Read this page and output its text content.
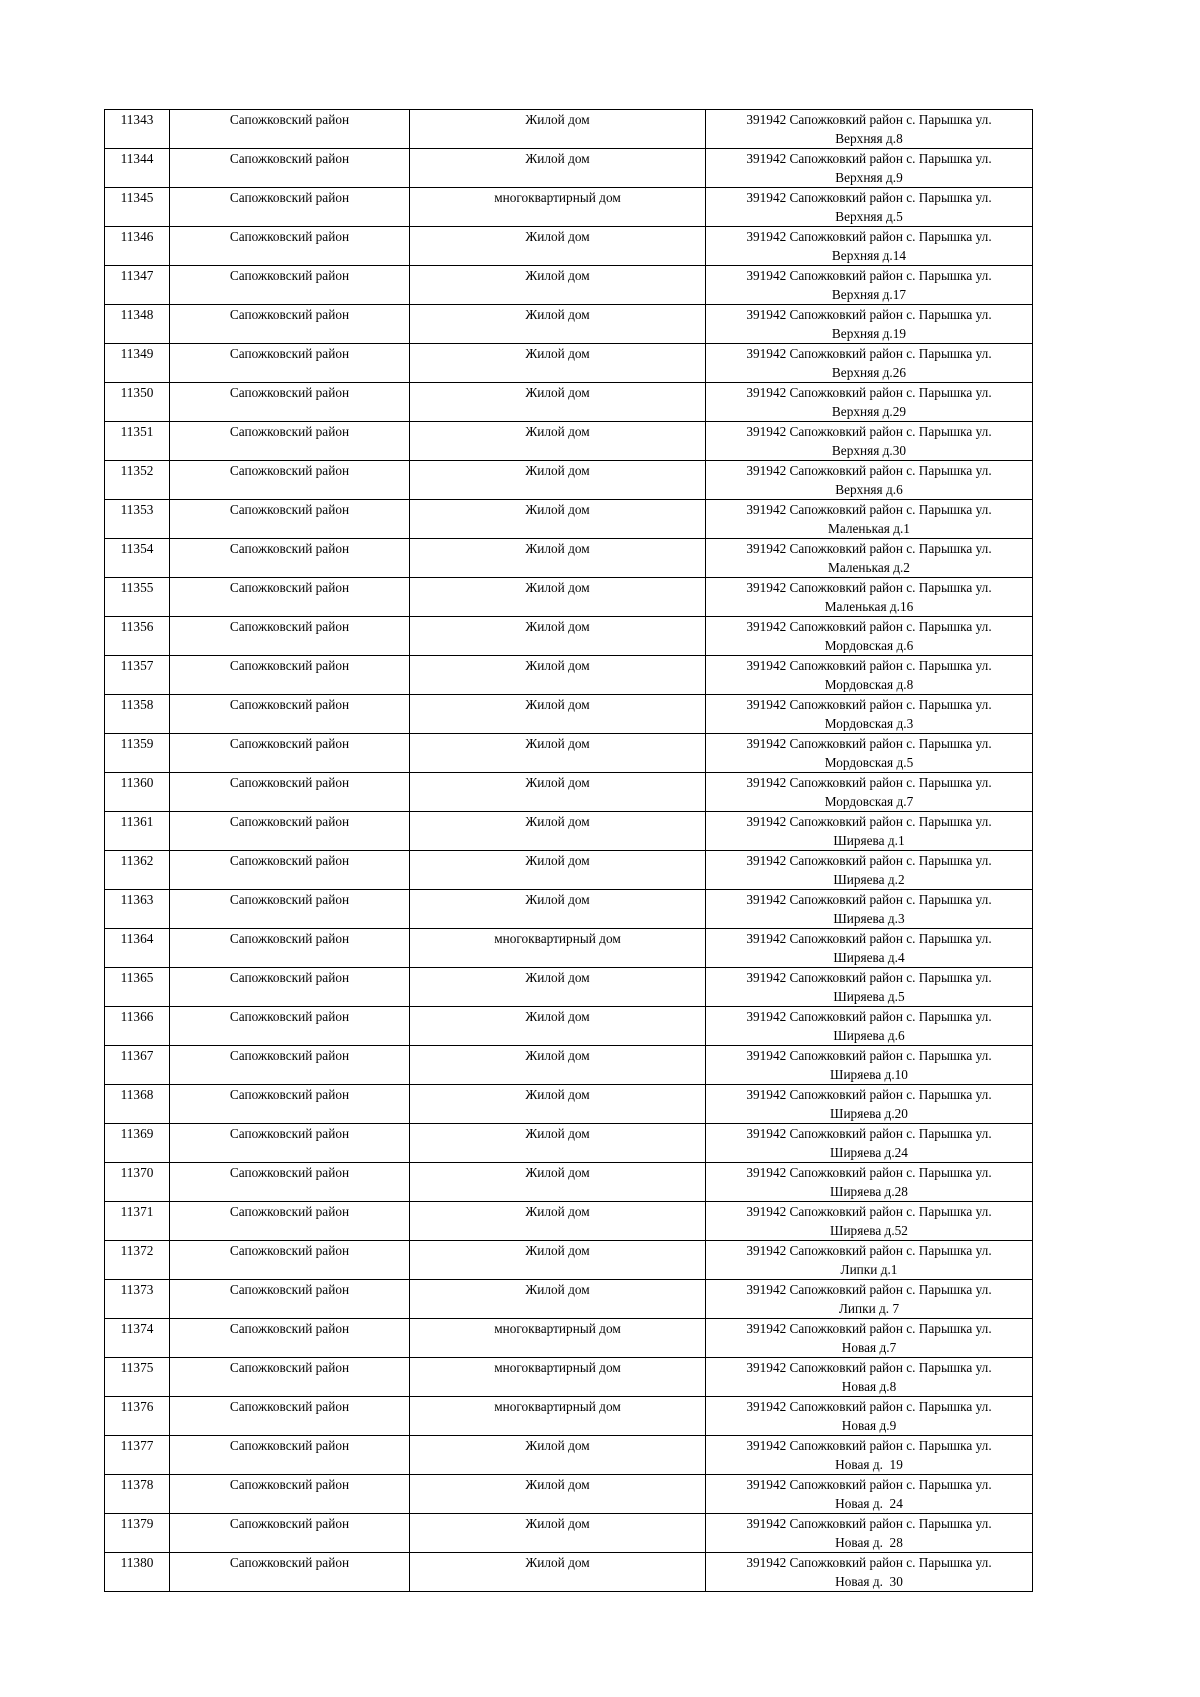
11343	Сапожковский район	Жилой дом	391942 Сапожковкий район с. Парышка ул.
Верхняя д.8

11344	Сапожковский район	Жилой дом	391942 Сапожковкий район с. Парышка ул.
Верхняя д.9

11345	Сапожковский район	многоквартирный дом	391942 Сапожковкий район с. Парышка ул.
Верхняя д.5

11346	Сапожковский район	Жилой дом	391942 Сапожковкий район с. Парышка ул.
Верхняя д.14

11347	Сапожковский район	Жилой дом	391942 Сапожковкий район с. Парышка ул.
Верхняя д.17

11348	Сапожковский район	Жилой дом	391942 Сапожковкий район с. Парышка ул.
Верхняя д.19

11349	Сапожковский район	Жилой дом	391942 Сапожковкий район с. Парышка ул.
Верхняя д.26

11350	Сапожковский район	Жилой дом	391942 Сапожковкий район с. Парышка ул.
Верхняя д.29

11351	Сапожковский район	Жилой дом	391942 Сапожковкий район с. Парышка ул.
Верхняя д.30

11352	Сапожковский район	Жилой дом	391942 Сапожковкий район с. Парышка ул.
Верхняя д.6

11353	Сапожковский район	Жилой дом	391942 Сапожковкий район с. Парышка ул.
Маленькая д.1

11354	Сапожковский район	Жилой дом	391942 Сапожковкий район с. Парышка ул.
Маленькая д.2

11355	Сапожковский район	Жилой дом	391942 Сапожковкий район с. Парышка ул.
Маленькая д.16

11356	Сапожковский район	Жилой дом	391942 Сапожковкий район с. Парышка ул.
Мордовская д.6

11357	Сапожковский район	Жилой дом	391942 Сапожковкий район с. Парышка ул.
Мордовская д.8

11358	Сапожковский район	Жилой дом	391942 Сапожковкий район с. Парышка ул.
Мордовская д.3

11359	Сапожковский район	Жилой дом	391942 Сапожковкий район с. Парышка ул.
Мордовская д.5

11360	Сапожковский район	Жилой дом	391942 Сапожковкий район с. Парышка ул.
Мордовская д.7

11361	Сапожковский район	Жилой дом	391942 Сапожковкий район с. Парышка ул.
Ширяева д.1

11362	Сапожковский район	Жилой дом	391942 Сапожковкий район с. Парышка ул.
Ширяева д.2

11363	Сапожковский район	Жилой дом	391942 Сапожковкий район с. Парышка ул.
Ширяева д.3

11364	Сапожковский район	многоквартирный дом	391942 Сапожковкий район с. Парышка ул.
Ширяева д.4

11365	Сапожковский район	Жилой дом	391942 Сапожковкий район с. Парышка ул.
Ширяева д.5

11366	Сапожковский район	Жилой дом	391942 Сапожковкий район с. Парышка ул.
Ширяева д.6

11367	Сапожковский район	Жилой дом	391942 Сапожковкий район с. Парышка ул.
Ширяева д.10

11368	Сапожковский район	Жилой дом	391942 Сапожковкий район с. Парышка ул.
Ширяева д.20

11369	Сапожковский район	Жилой дом	391942 Сапожковкий район с. Парышка ул.
Ширяева д.24

11370	Сапожковский район	Жилой дом	391942 Сапожковкий район с. Парышка ул.
Ширяева д.28

11371	Сапожковский район	Жилой дом	391942 Сапожковкий район с. Парышка ул.
Ширяева д.52

11372	Сапожковский район	Жилой дом	391942 Сапожковкий район с. Парышка ул.
Липки д.1

11373	Сапожковский район	Жилой дом	391942 Сапожковкий район с. Парышка ул.
Липки д. 7

11374	Сапожковский район	многоквартирный дом	391942 Сапожковкий район с. Парышка ул.
Новая д.7

11375	Сапожковский район	многоквартирный дом	391942 Сапожковкий район с. Парышка ул.
Новая д.8

11376	Сапожковский район	многоквартирный дом	391942 Сапожковкий район с. Парышка ул.
Новая д.9

11377	Сапожковский район	Жилой дом	391942 Сапожковкий район с. Парышка ул.
Новая д.  19

11378	Сапожковский район	Жилой дом	391942 Сапожковкий район с. Парышка ул.
Новая д.  24

11379	Сапожковский район	Жилой дом	391942 Сапожковкий район с. Парышка ул.
Новая д.  28

11380	Сапожковский район	Жилой дом	391942 Сапожковкий район с. Парышка ул.
Новая д.  30
